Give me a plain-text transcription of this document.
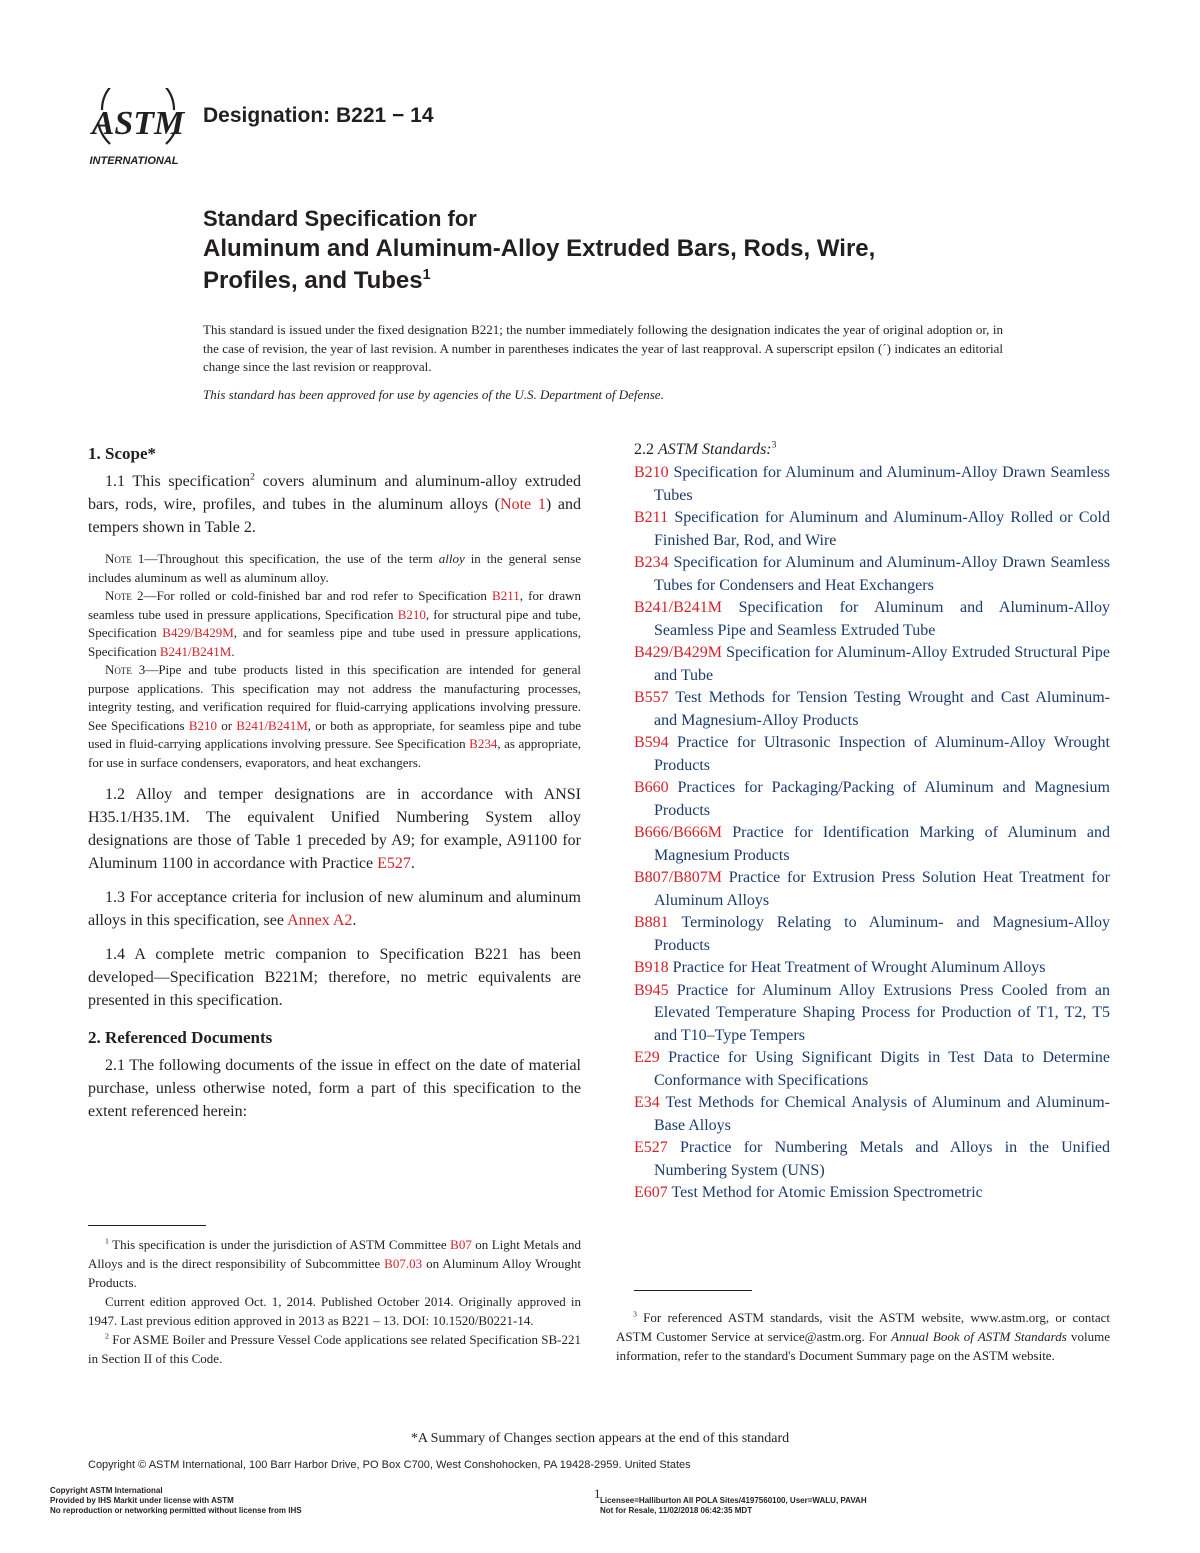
ASTM
INTERNATIONAL
Designation: B221 − 14
Standard Specification for
Aluminum and Aluminum-Alloy Extruded Bars, Rods, Wire,
Profiles, and Tubes$^1$
This standard is issued under the fixed designation B221; the number immediately following the designation indicates the year of original adoption or, in the case of revision, the year of last revision. A number in parentheses indicates the year of last reapproval. A superscript epsilon (´) indicates an editorial change since the last revision or reapproval.
This standard has been approved for use by agencies of the U.S. Department of Defense.
1. Scope*

1.1 This specification$^2$ covers aluminum and aluminum-alloy extruded bars, rods, wire, profiles, and tubes in the aluminum alloys (Note 1) and tempers shown in Table 2.

Note 1—Throughout this specification, the use of the term alloy in the general sense includes aluminum as well as aluminum alloy.

Note 2—For rolled or cold-finished bar and rod refer to Specification B211, for drawn seamless tube used in pressure applications, Specification B210, for structural pipe and tube, Specification B429/B429M, and for seamless pipe and tube used in pressure applications, Specification B241/B241M.

Note 3—Pipe and tube products listed in this specification are intended for general purpose applications. This specification may not address the manufacturing processes, integrity testing, and verification required for fluid-carrying applications involving pressure. See Specifications B210 or B241/B241M, or both as appropriate, for seamless pipe and tube used in fluid-carrying applications involving pressure. See Specification B234, as appropriate, for use in surface condensers, evaporators, and heat exchangers.

1.2 Alloy and temper designations are in accordance with ANSI H35.1/H35.1M. The equivalent Unified Numbering System alloy designations are those of Table 1 preceded by A9; for example, A91100 for Aluminum 1100 in accordance with Practice E527.

1.3 For acceptance criteria for inclusion of new aluminum and aluminum alloys in this specification, see Annex A2.

1.4 A complete metric companion to Specification B221 has been developed—Specification B221M; therefore, no metric equivalents are presented in this specification.

2. Referenced Documents

2.1 The following documents of the issue in effect on the date of material purchase, unless otherwise noted, form a part of this specification to the extent referenced herein:

2.2 ASTM Standards:$^3$

B210 Specification for Aluminum and Aluminum-Alloy Drawn Seamless Tubes

B211 Specification for Aluminum and Aluminum-Alloy Rolled or Cold Finished Bar, Rod, and Wire

B234 Specification for Aluminum and Aluminum-Alloy Drawn Seamless Tubes for Condensers and Heat Exchangers

B241/B241M Specification for Aluminum and Aluminum-Alloy Seamless Pipe and Seamless Extruded Tube

B429/B429M Specification for Aluminum-Alloy Extruded Structural Pipe and Tube

B557 Test Methods for Tension Testing Wrought and Cast Aluminum- and Magnesium-Alloy Products

B594 Practice for Ultrasonic Inspection of Aluminum-Alloy Wrought Products

B660 Practices for Packaging/Packing of Aluminum and Magnesium Products

B666/B666M Practice for Identification Marking of Aluminum and Magnesium Products

B807/B807M Practice for Extrusion Press Solution Heat Treatment for Aluminum Alloys

B881 Terminology Relating to Aluminum- and Magnesium-Alloy Products

B918 Practice for Heat Treatment of Wrought Aluminum Alloys

B945 Practice for Aluminum Alloy Extrusions Press Cooled from an Elevated Temperature Shaping Process for Production of T1, T2, T5 and T10–Type Tempers

E29 Practice for Using Significant Digits in Test Data to Determine Conformance with Specifications

E34 Test Methods for Chemical Analysis of Aluminum and Aluminum-Base Alloys

E527 Practice for Numbering Metals and Alloys in the Unified Numbering System (UNS)

E607 Test Method for Atomic Emission Spectrometric

$^1$ This specification is under the jurisdiction of ASTM Committee B07 on Light Metals and Alloys and is the direct responsibility of Subcommittee B07.03 on Aluminum Alloy Wrought Products.

Current edition approved Oct. 1, 2014. Published October 2014. Originally approved in 1947. Last previous edition approved in 2013 as B221 – 13. DOI: 10.1520/B0221-14.

$^2$ For ASME Boiler and Pressure Vessel Code applications see related Specification SB-221 in Section II of this Code.

$^3$ For referenced ASTM standards, visit the ASTM website, www.astm.org, or contact ASTM Customer Service at service@astm.org. For Annual Book of ASTM Standards volume information, refer to the standard's Document Summary page on the ASTM website.

*A Summary of Changes section appears at the end of this standard
Copyright © ASTM International, 100 Barr Harbor Drive, PO Box C700, West Conshohocken, PA 19428-2959. United States
1
Copyright ASTM International
Provided by IHS Markit under license with ASTM
No reproduction or networking permitted without license from IHS
Licensee=Halliburton All POLA Sites/4197560100, User=WALU, PAVAH
Not for Resale, 11/02/2018 06:42:35 MDT
